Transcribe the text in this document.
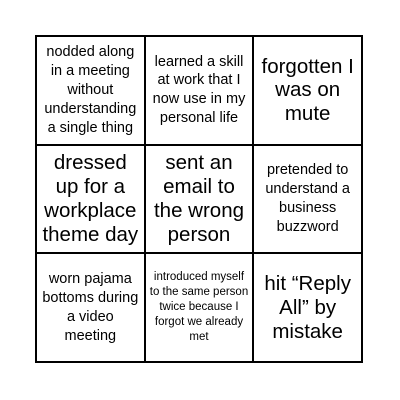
nodded along in a meeting without understanding a single thing
learned a skill at work that I now use in my personal life
forgotten I was on mute
dressed up for a workplace theme day
sent an email to the wrong person
pretended to understand a business buzzword
worn pajama bottoms during a video meeting
introduced myself to the same person twice because I forgot we already met
hit “Reply All” by mistake
